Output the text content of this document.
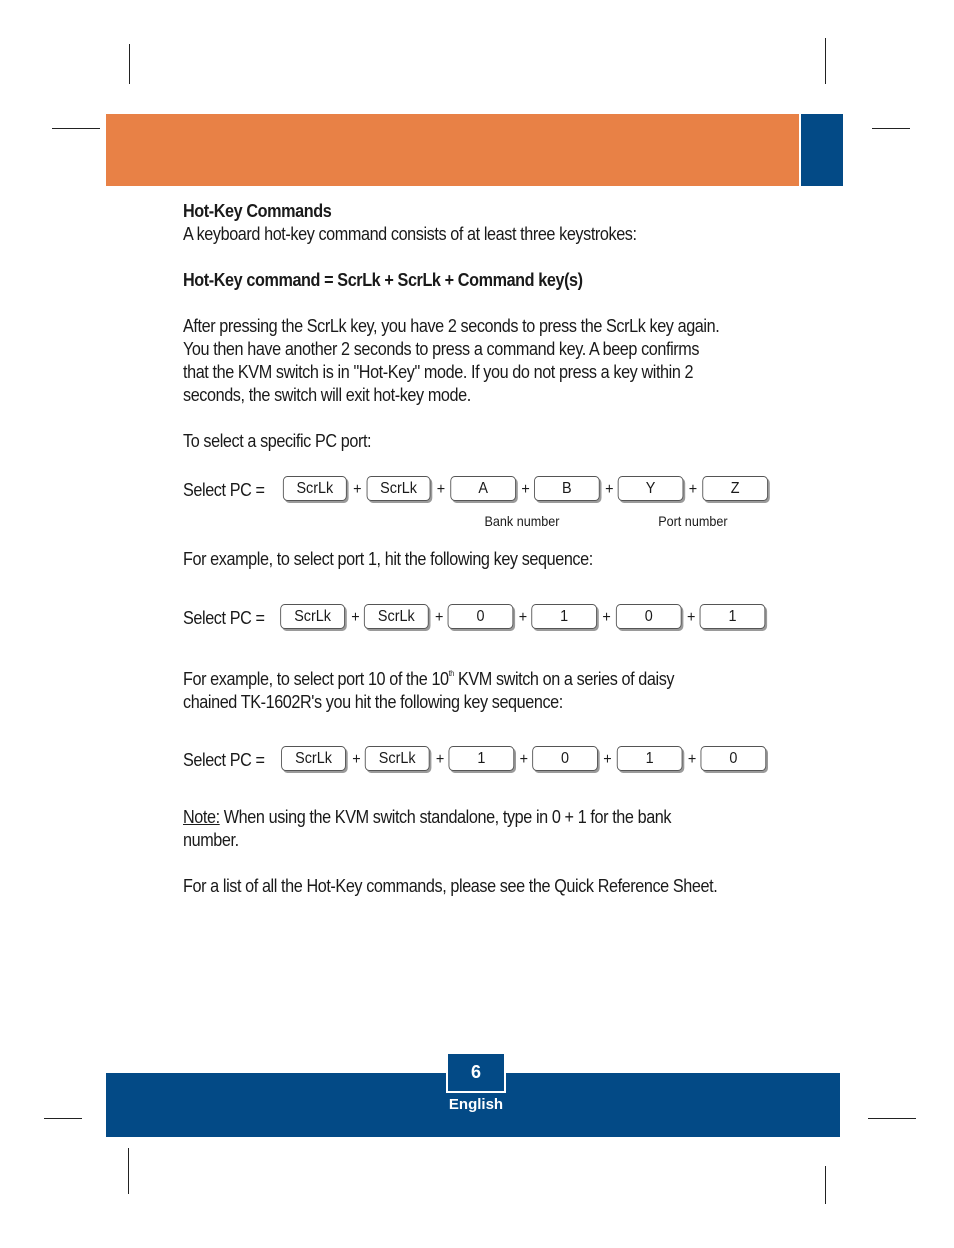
Hot-Key Commands

A keyboard hot-key command consists of at least three keystrokes:

Hot-Key command = ScrLk + ScrLk + Command key(s)

After pressing the ScrLk key, you have 2 seconds to press the ScrLk key again.

You then have another 2 seconds to press a command key. A beep confirms

that the KVM switch is in "Hot-Key" mode. If you do not press a key within 2

seconds, the switch will exit hot-key mode.

To select a specific PC port:

Select PC =	ScrLk	+	ScrLk	+	A	+	B	+	Y	+	Z
Bank number	Port number

For example, to select port 1, hit the following key sequence:

Select PC =	ScrLk	+	ScrLk	+	0	+	1	+	0	+	1

For example, to select port 10 of the 10th KVM switch on a series of daisy

chained TK-1602R's you hit the following key sequence:

Select PC =	ScrLk	+	ScrLk	+	1	+	0	+	1	+	0

Note: When using the KVM switch standalone, type in 0 + 1 for the bank

number.

For a list of all the Hot-Key commands, please see the Quick Reference Sheet.

6
English
